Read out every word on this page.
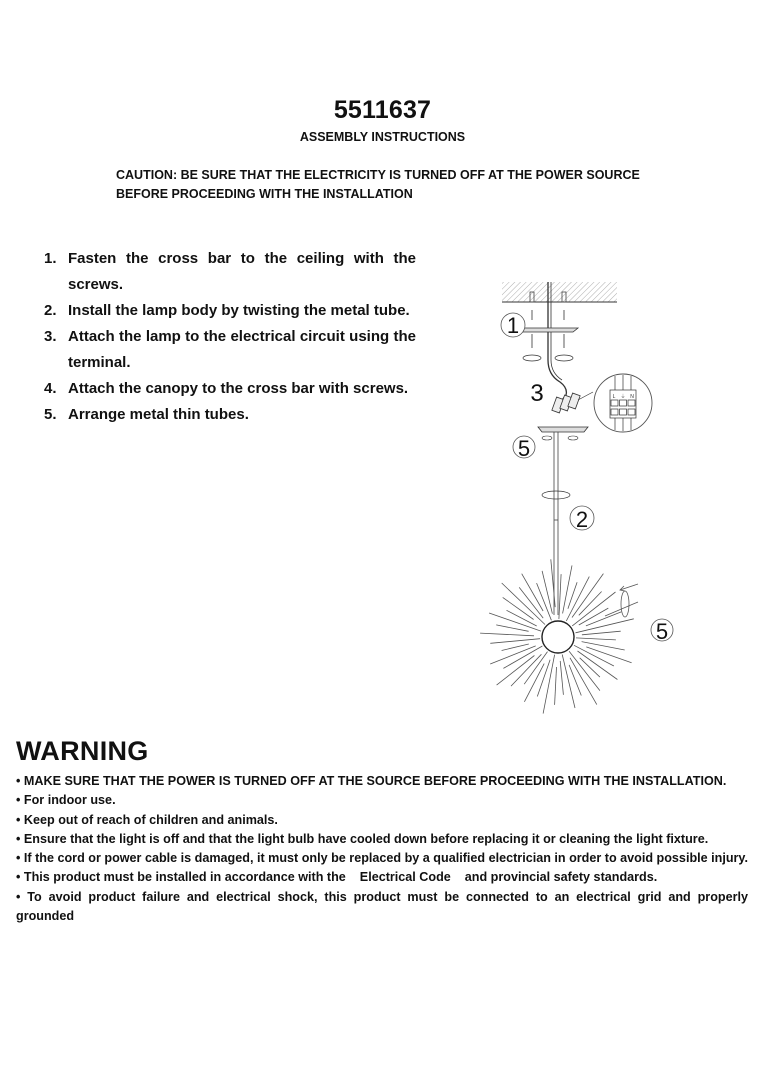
5511637
ASSEMBLY INSTRUCTIONS
CAUTION: BE SURE THAT THE ELECTRICITY IS TURNED OFF AT THE POWER SOURCE BEFORE PROCEEDING WITH THE INSTALLATION
1. Fasten the cross bar to the ceiling with the screws.
2. Install the lamp body by twisting the metal tube.
3. Attach the lamp to the electrical circuit using the terminal.
4. Attach the canopy to the cross bar with screws.
5. Arrange metal thin tubes.
1
L ⏚ N
3
5
2
5
WARNING
• MAKE SURE THAT THE POWER IS TURNED OFF AT THE SOURCE BEFORE PROCEEDING WITH THE INSTALLATION.
• For indoor use.
• Keep out of reach of children and animals.
• Ensure that the light is off and that the light bulb have cooled down before replacing it or cleaning the light fixture.
• If the cord or power cable is damaged, it must only be replaced by a qualified electrician in order to avoid possible injury.
• This product must be installed in accordance with the    Electrical Code    and provincial safety standards.
• To avoid product failure and electrical shock, this product must be connected to an electrical grid and properly grounded
